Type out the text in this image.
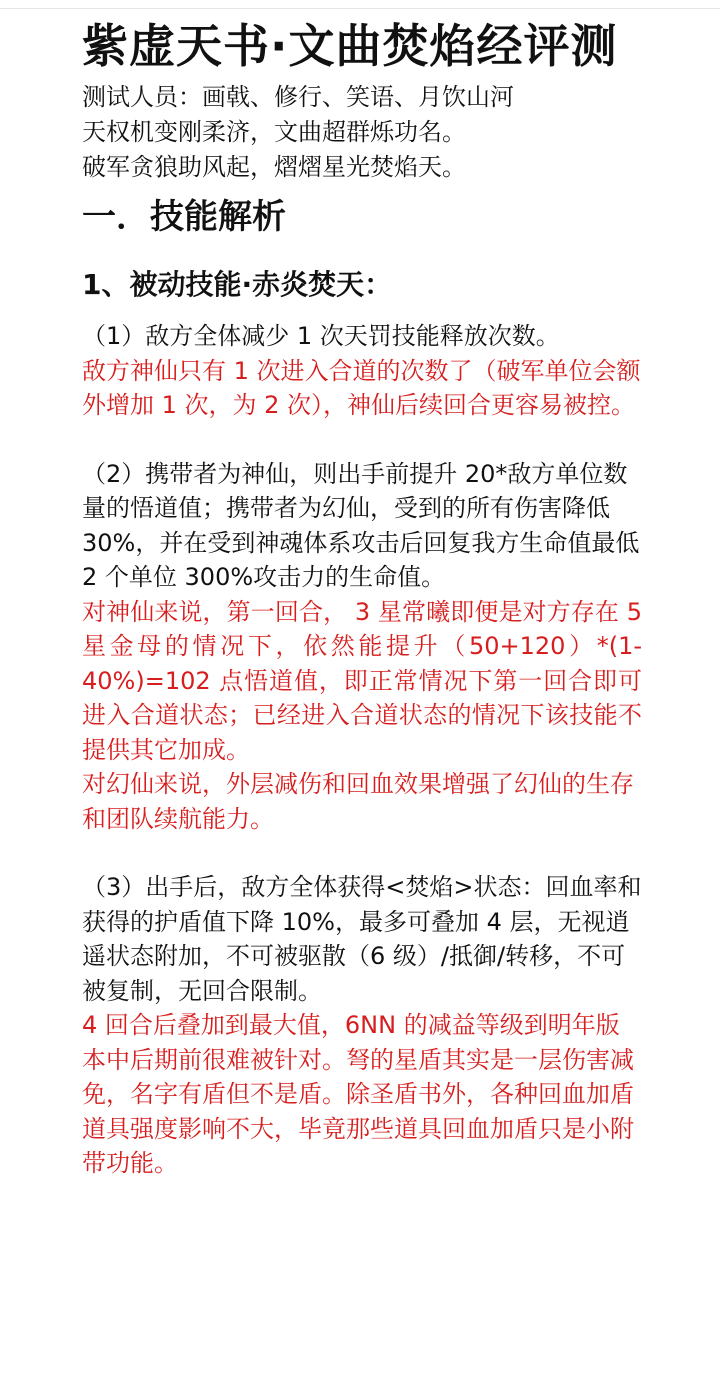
紫虚天书·文曲焚焰经评测

测试人员：画戟、修行、笑语、月饮山河

天权机变刚柔济，文曲超群烁功名。

破军贪狼助风起，熠熠星光焚焰天。

一．技能解析
1、被动技能·赤炎焚天：

（1）敌方全体减少 1 次天罚技能释放次数。

敌方神仙只有 1 次进入合道的次数了（破军单位会额外增加 1 次，为 2 次），神仙后续回合更容易被控。

（2）携带者为神仙，则出手前提升 20*敌方单位数量的悟道值；携带者为幻仙，受到的所有伤害降低 30%，并在受到神魂体系攻击后回复我方生命值最低 2 个单位 300%攻击力的生命值。

对神仙来说，第一回合， 3 星常曦即便是对方存在 5 星金母的情况下，依然能提升（50+120）*(1-40%)=102 点悟道值，即正常情况下第一回合即可进入合道状态；已经进入合道状态的情况下该技能不提供其它加成。

对幻仙来说，外层减伤和回血效果增强了幻仙的生存和团队续航能力。

（3）出手后，敌方全体获得<焚焰>状态：回血率和获得的护盾值下降 10%，最多可叠加 4 层，无视逍遥状态附加，不可被驱散（6 级）/抵御/转移，不可被复制，无回合限制。

4 回合后叠加到最大值，6NN 的减益等级到明年版本中后期前很难被针对。弩的星盾其实是一层伤害减免，名字有盾但不是盾。除圣盾书外，各种回血加盾道具强度影响不大，毕竟那些道具回血加盾只是小附带功能。
